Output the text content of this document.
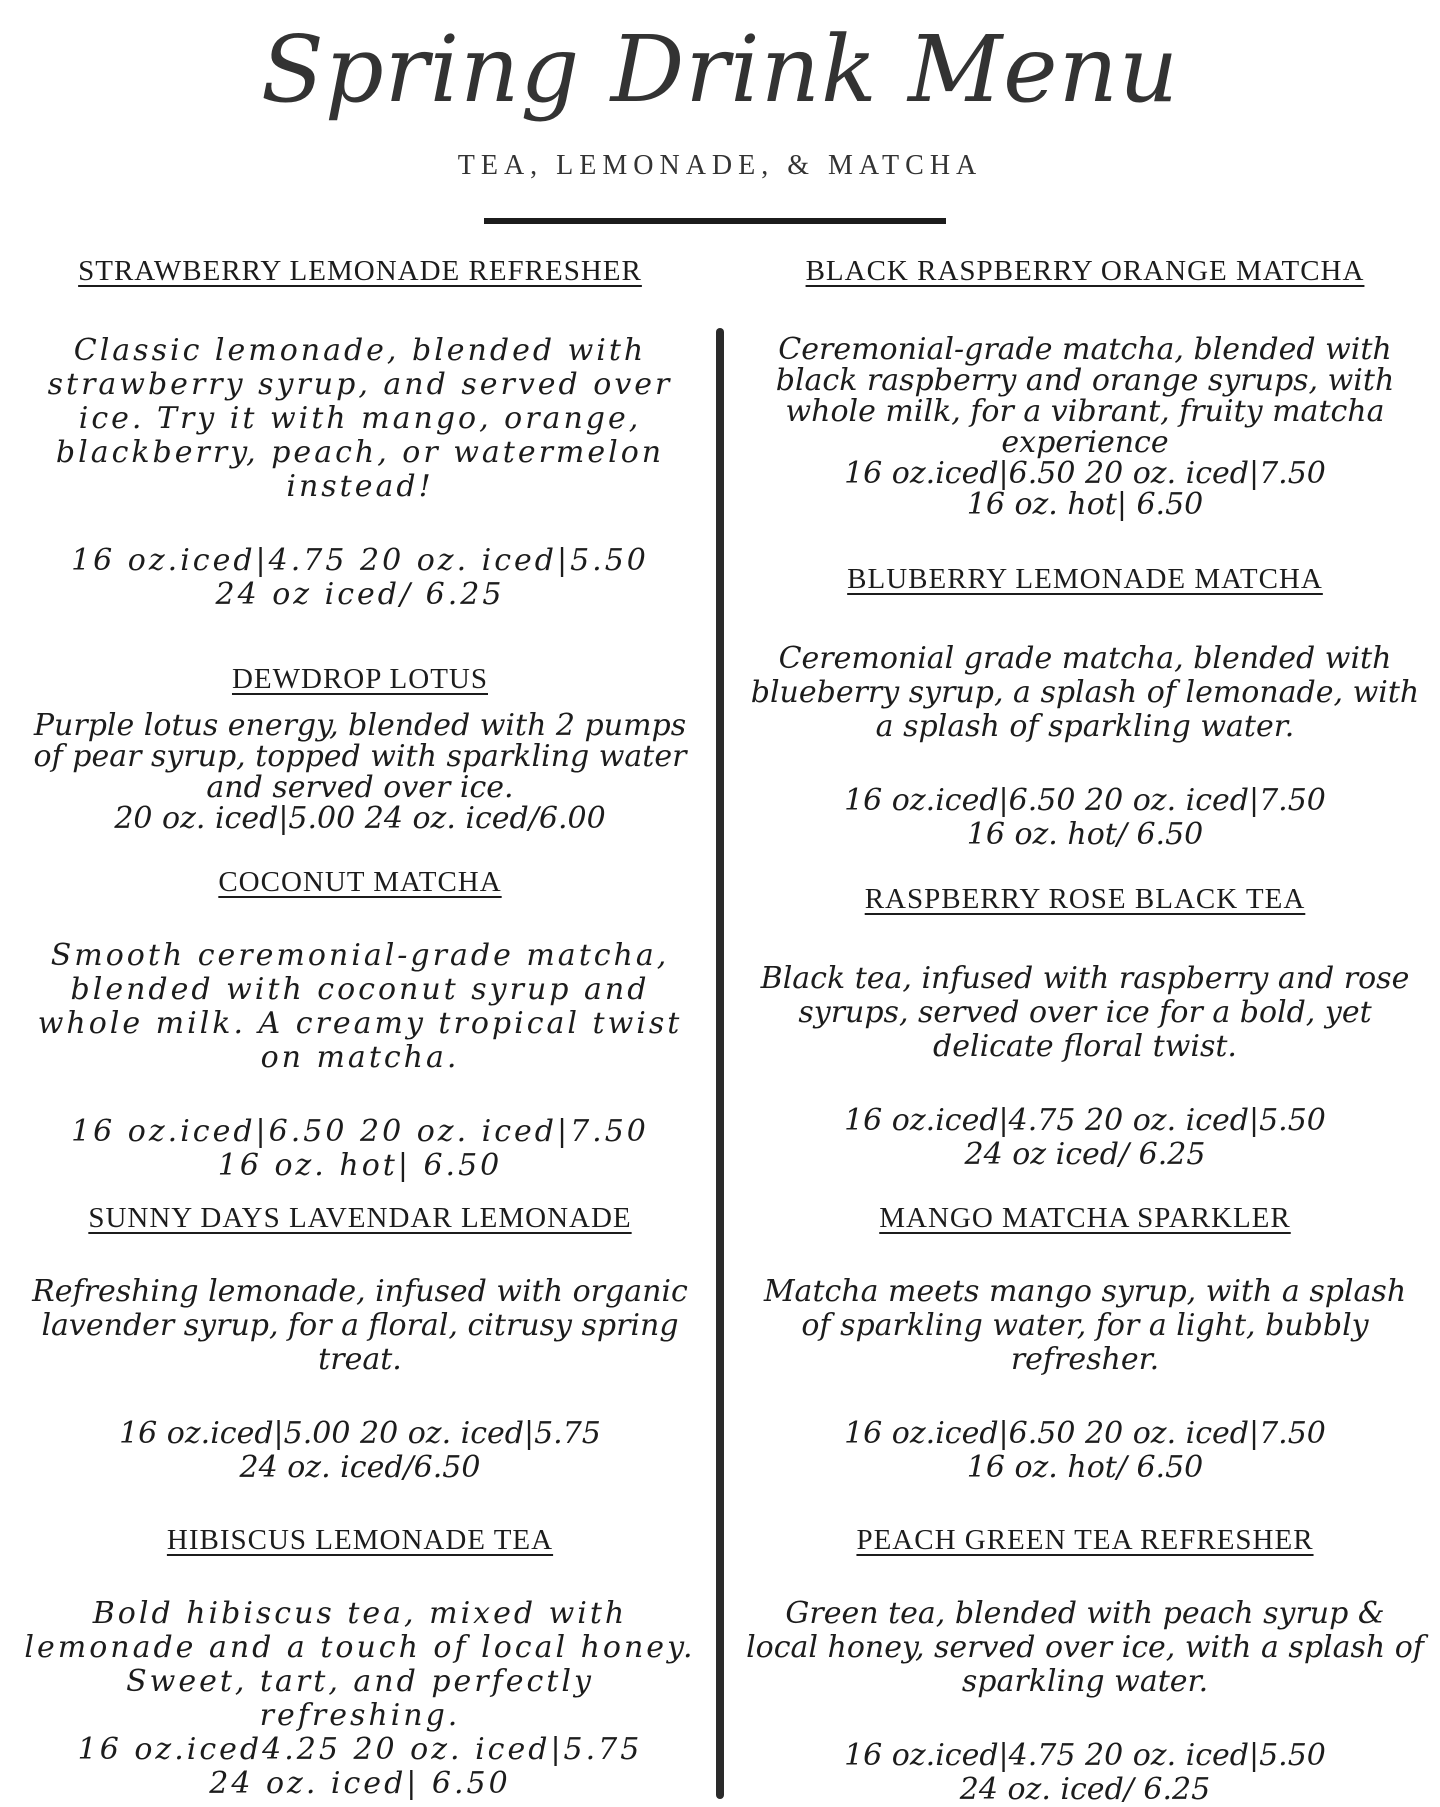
Spring Drink Menu
TEA, LEMONADE, & MATCHA

STRAWBERRY LEMONADE REFRESHER

Classic lemonade, blended with strawberry syrup, and served over ice. Try it with mango, orange, blackberry, peach, or watermelon instead!

16 oz.iced|4.75 20 oz. iced|5.50

24 oz iced/ 6.25

DEWDROP LOTUS

Purple lotus energy, blended with 2 pumps of pear syrup, topped with sparkling water and served over ice.

20 oz. iced|5.00 24 oz. iced/6.00

COCONUT MATCHA

Smooth ceremonial-grade matcha, blended with coconut syrup and whole milk. A creamy tropical twist on matcha.

16 oz.iced|6.50 20 oz. iced|7.50

16 oz. hot| 6.50

SUNNY DAYS LAVENDAR LEMONADE

Refreshing lemonade, infused with organic lavender syrup, for a floral, citrusy spring treat.

16 oz.iced|5.00 20 oz. iced|5.75

24 oz. iced/6.50

HIBISCUS LEMONADE TEA

Bold hibiscus tea, mixed with lemonade and a touch of local honey. Sweet, tart, and perfectly refreshing.

16 oz.iced4.25 20 oz. iced|5.75

24 oz. iced| 6.50

BLACK RASPBERRY ORANGE MATCHA

Ceremonial-grade matcha, blended with black raspberry and orange syrups, with whole milk, for a vibrant, fruity matcha experience

16 oz.iced|6.50 20 oz. iced|7.50

16 oz. hot| 6.50

BLUBERRY LEMONADE MATCHA

Ceremonial grade matcha, blended with blueberry syrup, a splash of lemonade, with a splash of sparkling water.

16 oz.iced|6.50 20 oz. iced|7.50

16 oz. hot/ 6.50

RASPBERRY ROSE BLACK TEA

Black tea, infused with raspberry and rose syrups, served over ice for a bold, yet delicate floral twist.

16 oz.iced|4.75 20 oz. iced|5.50

24 oz iced/ 6.25

MANGO MATCHA SPARKLER

Matcha meets mango syrup, with a splash of sparkling water, for a light, bubbly refresher.

16 oz.iced|6.50 20 oz. iced|7.50

16 oz. hot/ 6.50

PEACH GREEN TEA REFRESHER

Green tea, blended with peach syrup & local honey, served over ice, with a splash of sparkling water.

16 oz.iced|4.75 20 oz. iced|5.50

24 oz. iced/ 6.25
